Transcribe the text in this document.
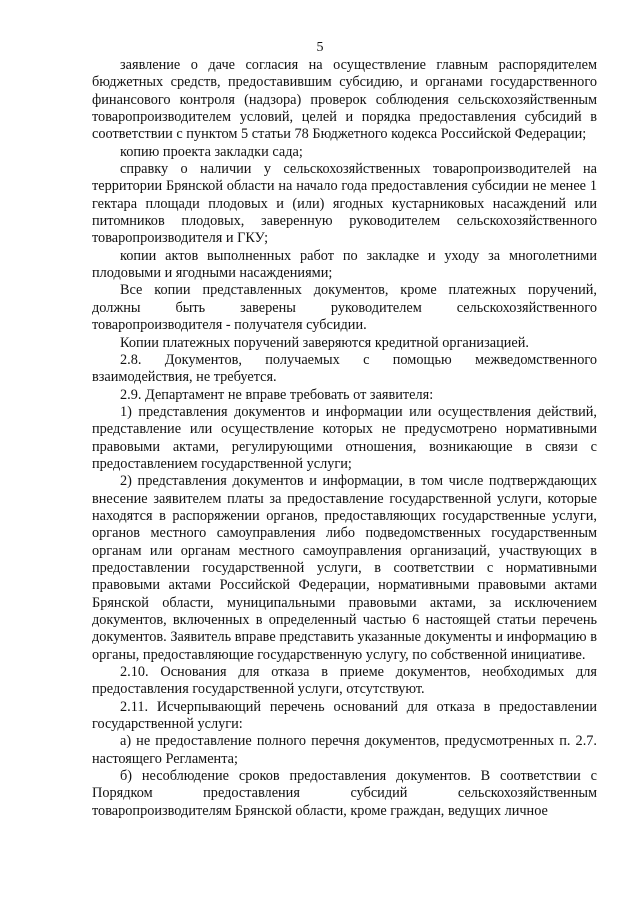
5

заявление о даче согласия на осуществление главным распорядителем бюджетных средств, предоставившим субсидию, и органами государственного финансового контроля (надзора) проверок соблюдения сельскохозяйственным товаропроизводителем условий, целей и порядка предоставления субсидий в соответствии с пунктом 5 статьи 78 Бюджетного кодекса Российской Федерации;

копию проекта закладки сада;

справку о наличии у сельскохозяйственных товаропроизводителей на территории Брянской области на начало года предоставления субсидии не менее 1 гектара площади плодовых и (или) ягодных кустарниковых насаждений или питомников плодовых, заверенную руководителем сельскохозяйственного товаропроизводителя и ГКУ;

копии актов выполненных работ по закладке и уходу за многолетними плодовыми и ягодными насаждениями;

Все копии представленных документов, кроме платежных поручений, должны быть заверены руководителем сельскохозяйственного товаропроизводителя - получателя субсидии.

Копии платежных поручений заверяются кредитной организацией.

2.8. Документов, получаемых с помощью межведомственного взаимодействия, не требуется.

2.9. Департамент не вправе требовать от заявителя:

1) представления документов и информации или осуществления действий, представление или осуществление которых не предусмотрено нормативными правовыми актами, регулирующими отношения, возникающие в связи с предоставлением государственной услуги;

2) представления документов и информации, в том числе подтверждающих внесение заявителем платы за предоставление государственной услуги, которые находятся в распоряжении органов, предоставляющих государственные услуги, органов местного самоуправления либо подведомственных государственным органам или органам местного самоуправления организаций, участвующих в предоставлении государственной услуги, в соответствии с нормативными правовыми актами Российской Федерации, нормативными правовыми актами Брянской области, муниципальными правовыми актами, за исключением документов, включенных в определенный частью 6 настоящей статьи перечень документов. Заявитель вправе представить указанные документы и информацию в органы, предоставляющие государственную услугу, по собственной инициативе.

2.10. Основания для отказа в приеме документов, необходимых для предоставления государственной услуги, отсутствуют.

2.11. Исчерпывающий перечень оснований для отказа в предоставлении государственной услуги:

а) не предоставление полного перечня документов, предусмотренных п. 2.7. настоящего Регламента;

б) несоблюдение сроков предоставления документов. В соответствии с Порядком предоставления субсидий сельскохозяйственным товаропроизводителям Брянской области, кроме граждан, ведущих личное
